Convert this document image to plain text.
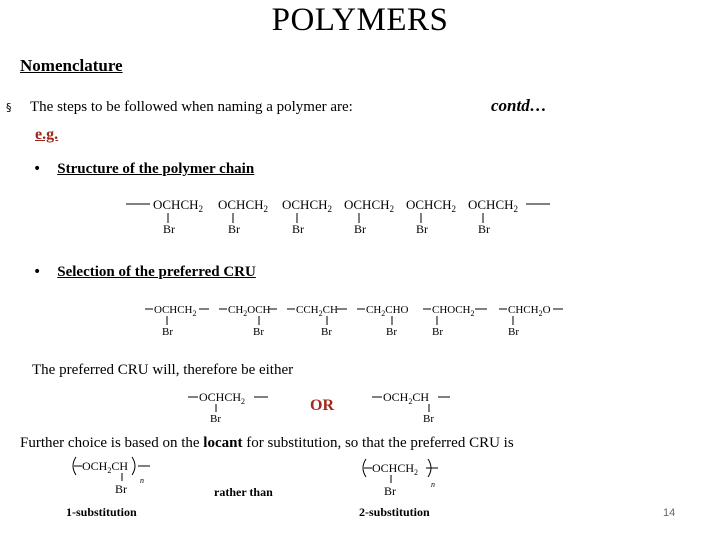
POLYMERS
Nomenclature
§ The steps to be followed when naming a polymer are:	contd…
e.g.
• Structure of the polymer chain
$OCHCH_2$
Br
$OCHCH_2$
Br
$OCHCH_2$
Br
$OCHCH_2$
Br
$OCHCH_2$
Br
$OCHCH_2$
Br
• Selection of the preferred CRU
$OCHCH_2$
Br
$CH_2OCH$
Br
$CCH_2CH$
Br
$CH_2CHO$
Br
$CHOCH_2$
Br
$CHCH_2O$
Br
The preferred CRU will, therefore be either
$OCHCH_2$
Br
OR	$OCH_2CH$
Br
Further choice is based on the locant for substitution, so that the preferred CRU is
$OCH_2CH$
n
Br
1-substitution
rather than
$OCHCH_2$
n
Br
2-substitution	14
